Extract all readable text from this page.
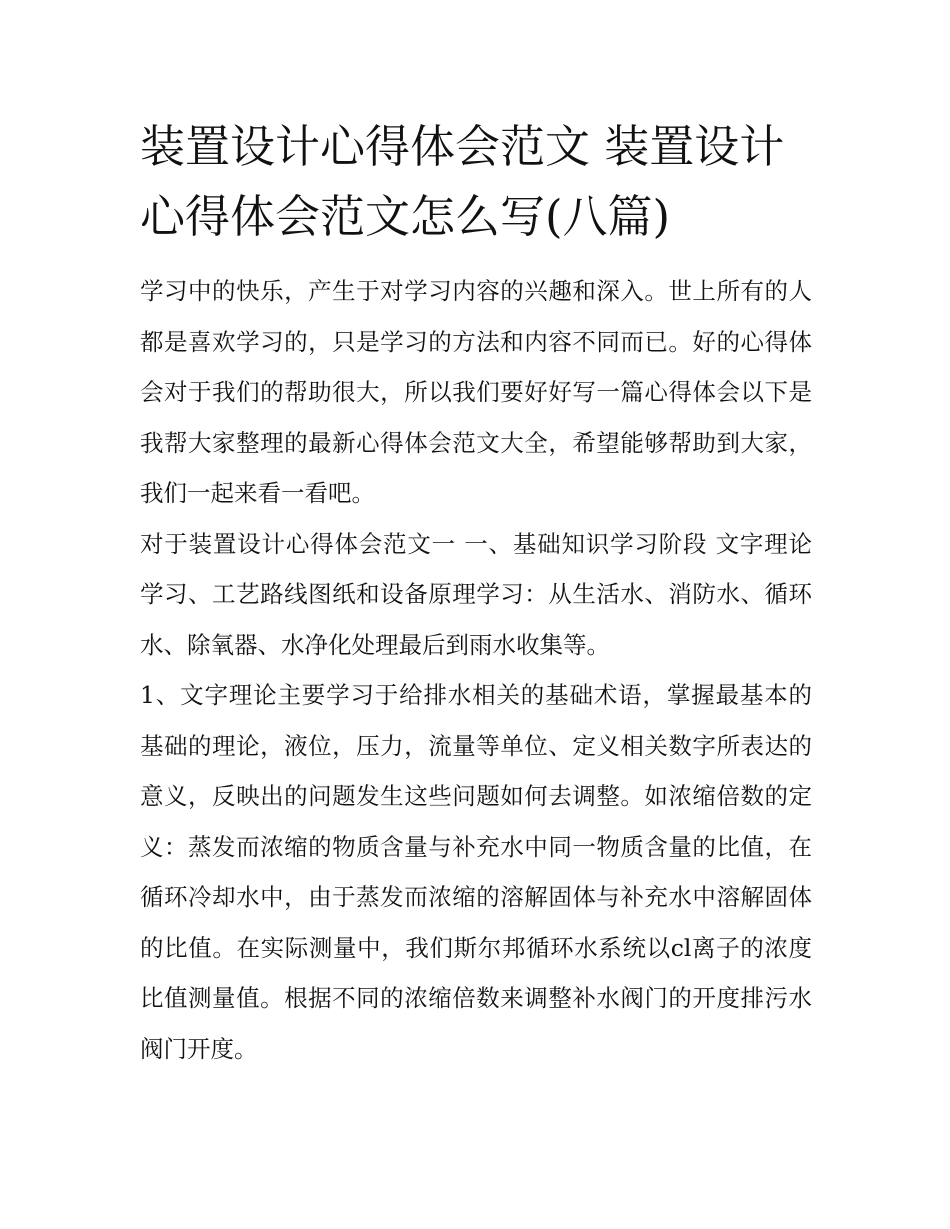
装置设计心得体会范文 装置设计心得体会范文怎么写(八篇)

学习中的快乐，产生于对学习内容的兴趣和深入。世上所有的人都是喜欢学习的，只是学习的方法和内容不同而已。好的心得体会对于我们的帮助很大，所以我们要好好写一篇心得体会以下是我帮大家整理的最新心得体会范文大全，希望能够帮助到大家，我们一起来看一看吧。

对于装置设计心得体会范文一 一、基础知识学习阶段 文字理论学习、工艺路线图纸和设备原理学习：从生活水、消防水、循环水、除氧器、水净化处理最后到雨水收集等。

1、文字理论主要学习于给排水相关的基础术语，掌握最基本的基础的理论，液位，压力，流量等单位、定义相关数字所表达的意义，反映出的问题发生这些问题如何去调整。如浓缩倍数的定义：蒸发而浓缩的物质含量与补充水中同一物质含量的比值，在循环冷却水中，由于蒸发而浓缩的溶解固体与补充水中溶解固体的比值。在实际测量中，我们斯尔邦循环水系统以cl离子的浓度比值测量值。根据不同的浓缩倍数来调整补水阀门的开度排污水阀门开度。
